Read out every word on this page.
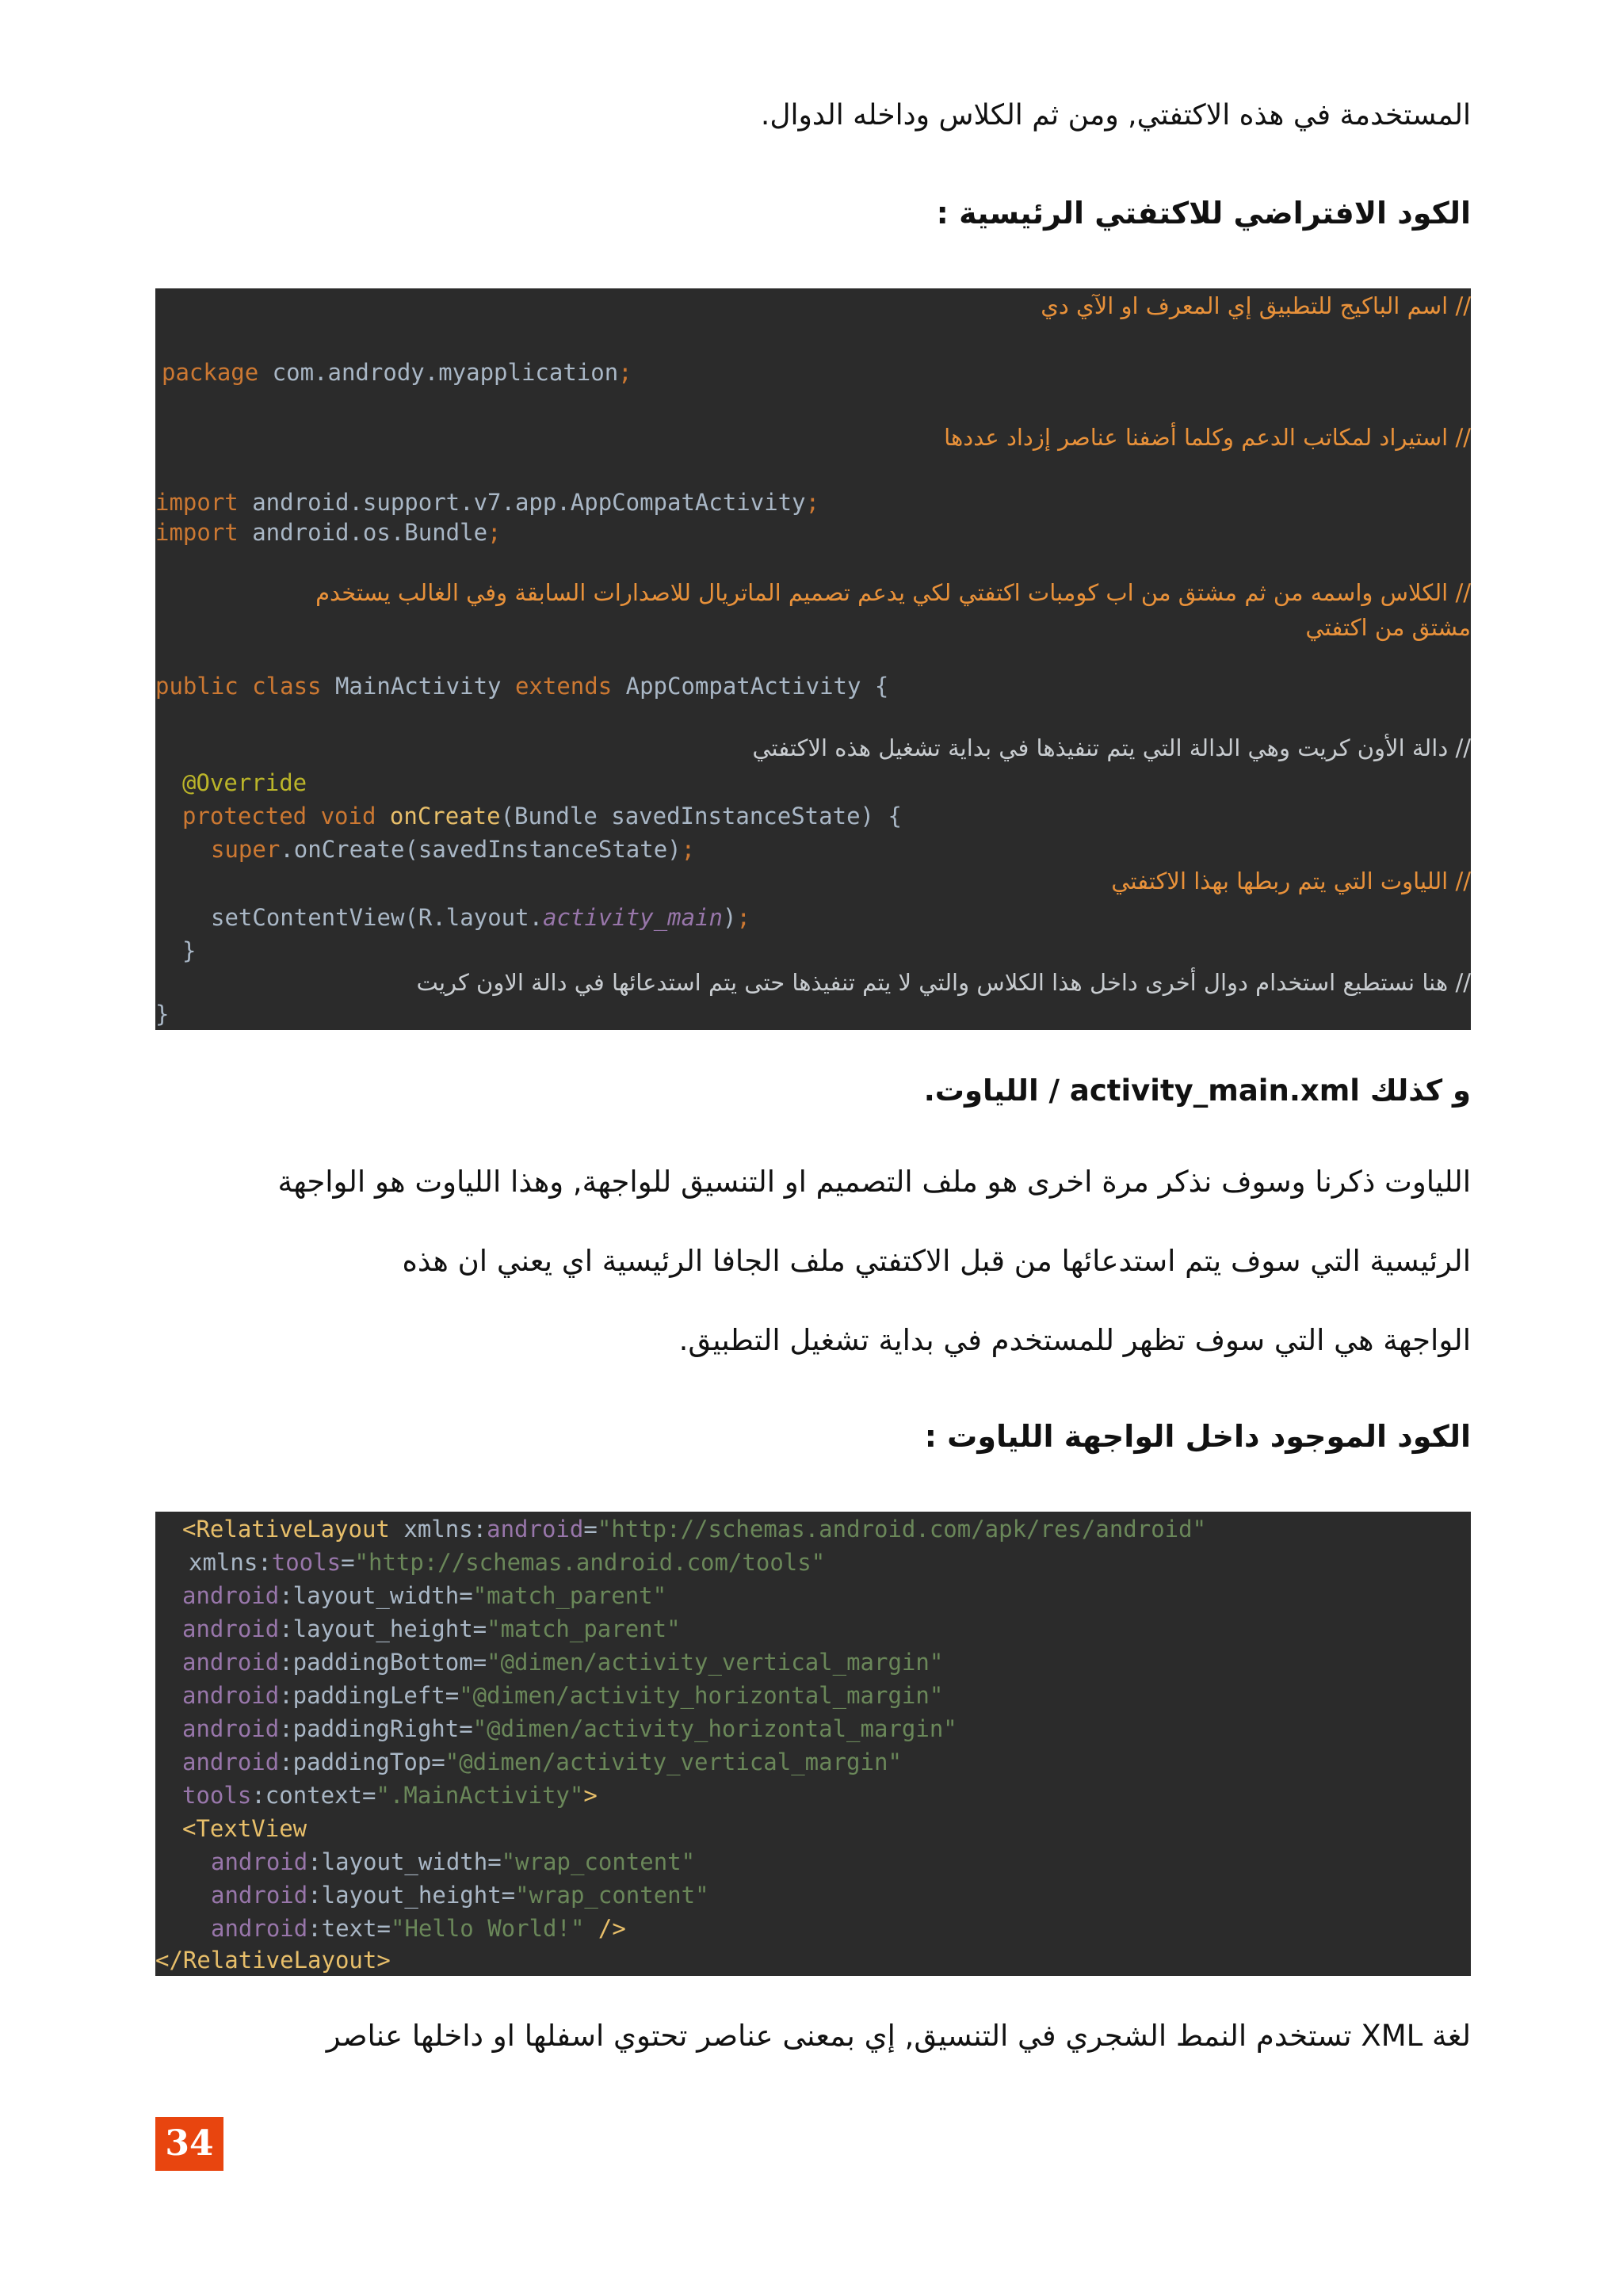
المستخدمة في هذه الاكتفتي, ومن ثم الكلاس وداخله الدوال.
الكود الافتراضي للاكتفتي الرئيسية :
// اسم الباكيج للتطبيق إي المعرف او الآي دي
package com.andrody.myapplication;
// استيراد لمكاتب الدعم وكلما أضفنا عناصر إزداد عددها
import android.support.v7.app.AppCompatActivity;
import android.os.Bundle;
// الكلاس واسمه من ثم مشتق من اب كومبات اكتفتي لكي يدعم تصميم الماتريال للاصدارات السابقة وفي الغالب يستخدم
مشتق من اكتفتي
public class MainActivity extends AppCompatActivity {
// دالة الأون كريت وهي الدالة التي يتم تنفيذها في بداية تشغيل هذه الاكتفتي
@Override
protected void onCreate(Bundle savedInstanceState) {
super.onCreate(savedInstanceState);
// اللياوت التي يتم ربطها بهذا الاكتفتي
setContentView(R.layout.activity_main);
}
// هنا نستطيع استخدام دوال أخرى داخل هذا الكلاس والتي لا يتم تنفيذها حتى يتم استدعائها في دالة الاون كريت
}
و كذلك activity_main.xml / اللياوت.
اللياوت ذكرنا وسوف نذكر مرة اخرى هو ملف التصميم او التنسيق للواجهة, وهذا اللياوت هو الواجهة
الرئيسية التي سوف يتم استدعائها من قبل الاكتفتي ملف الجافا الرئيسية اي يعني ان هذه
الواجهة هي التي سوف تظهر للمستخدم في بداية تشغيل التطبيق.
الكود الموجود داخل الواجهة اللياوت :
<RelativeLayout xmlns:android="http://schemas.android.com/apk/res/android"
xmlns:tools="http://schemas.android.com/tools"
android:layout_width="match_parent"
android:layout_height="match_parent"
android:paddingBottom="@dimen/activity_vertical_margin"
android:paddingLeft="@dimen/activity_horizontal_margin"
android:paddingRight="@dimen/activity_horizontal_margin"
android:paddingTop="@dimen/activity_vertical_margin"
tools:context=".MainActivity">
<TextView
android:layout_width="wrap_content"
android:layout_height="wrap_content"
android:text="Hello World!" />
</RelativeLayout>
لغة XML تستخدم النمط الشجري في التنسيق, إي بمعنى عناصر تحتوي اسفلها او داخلها عناصر
34
